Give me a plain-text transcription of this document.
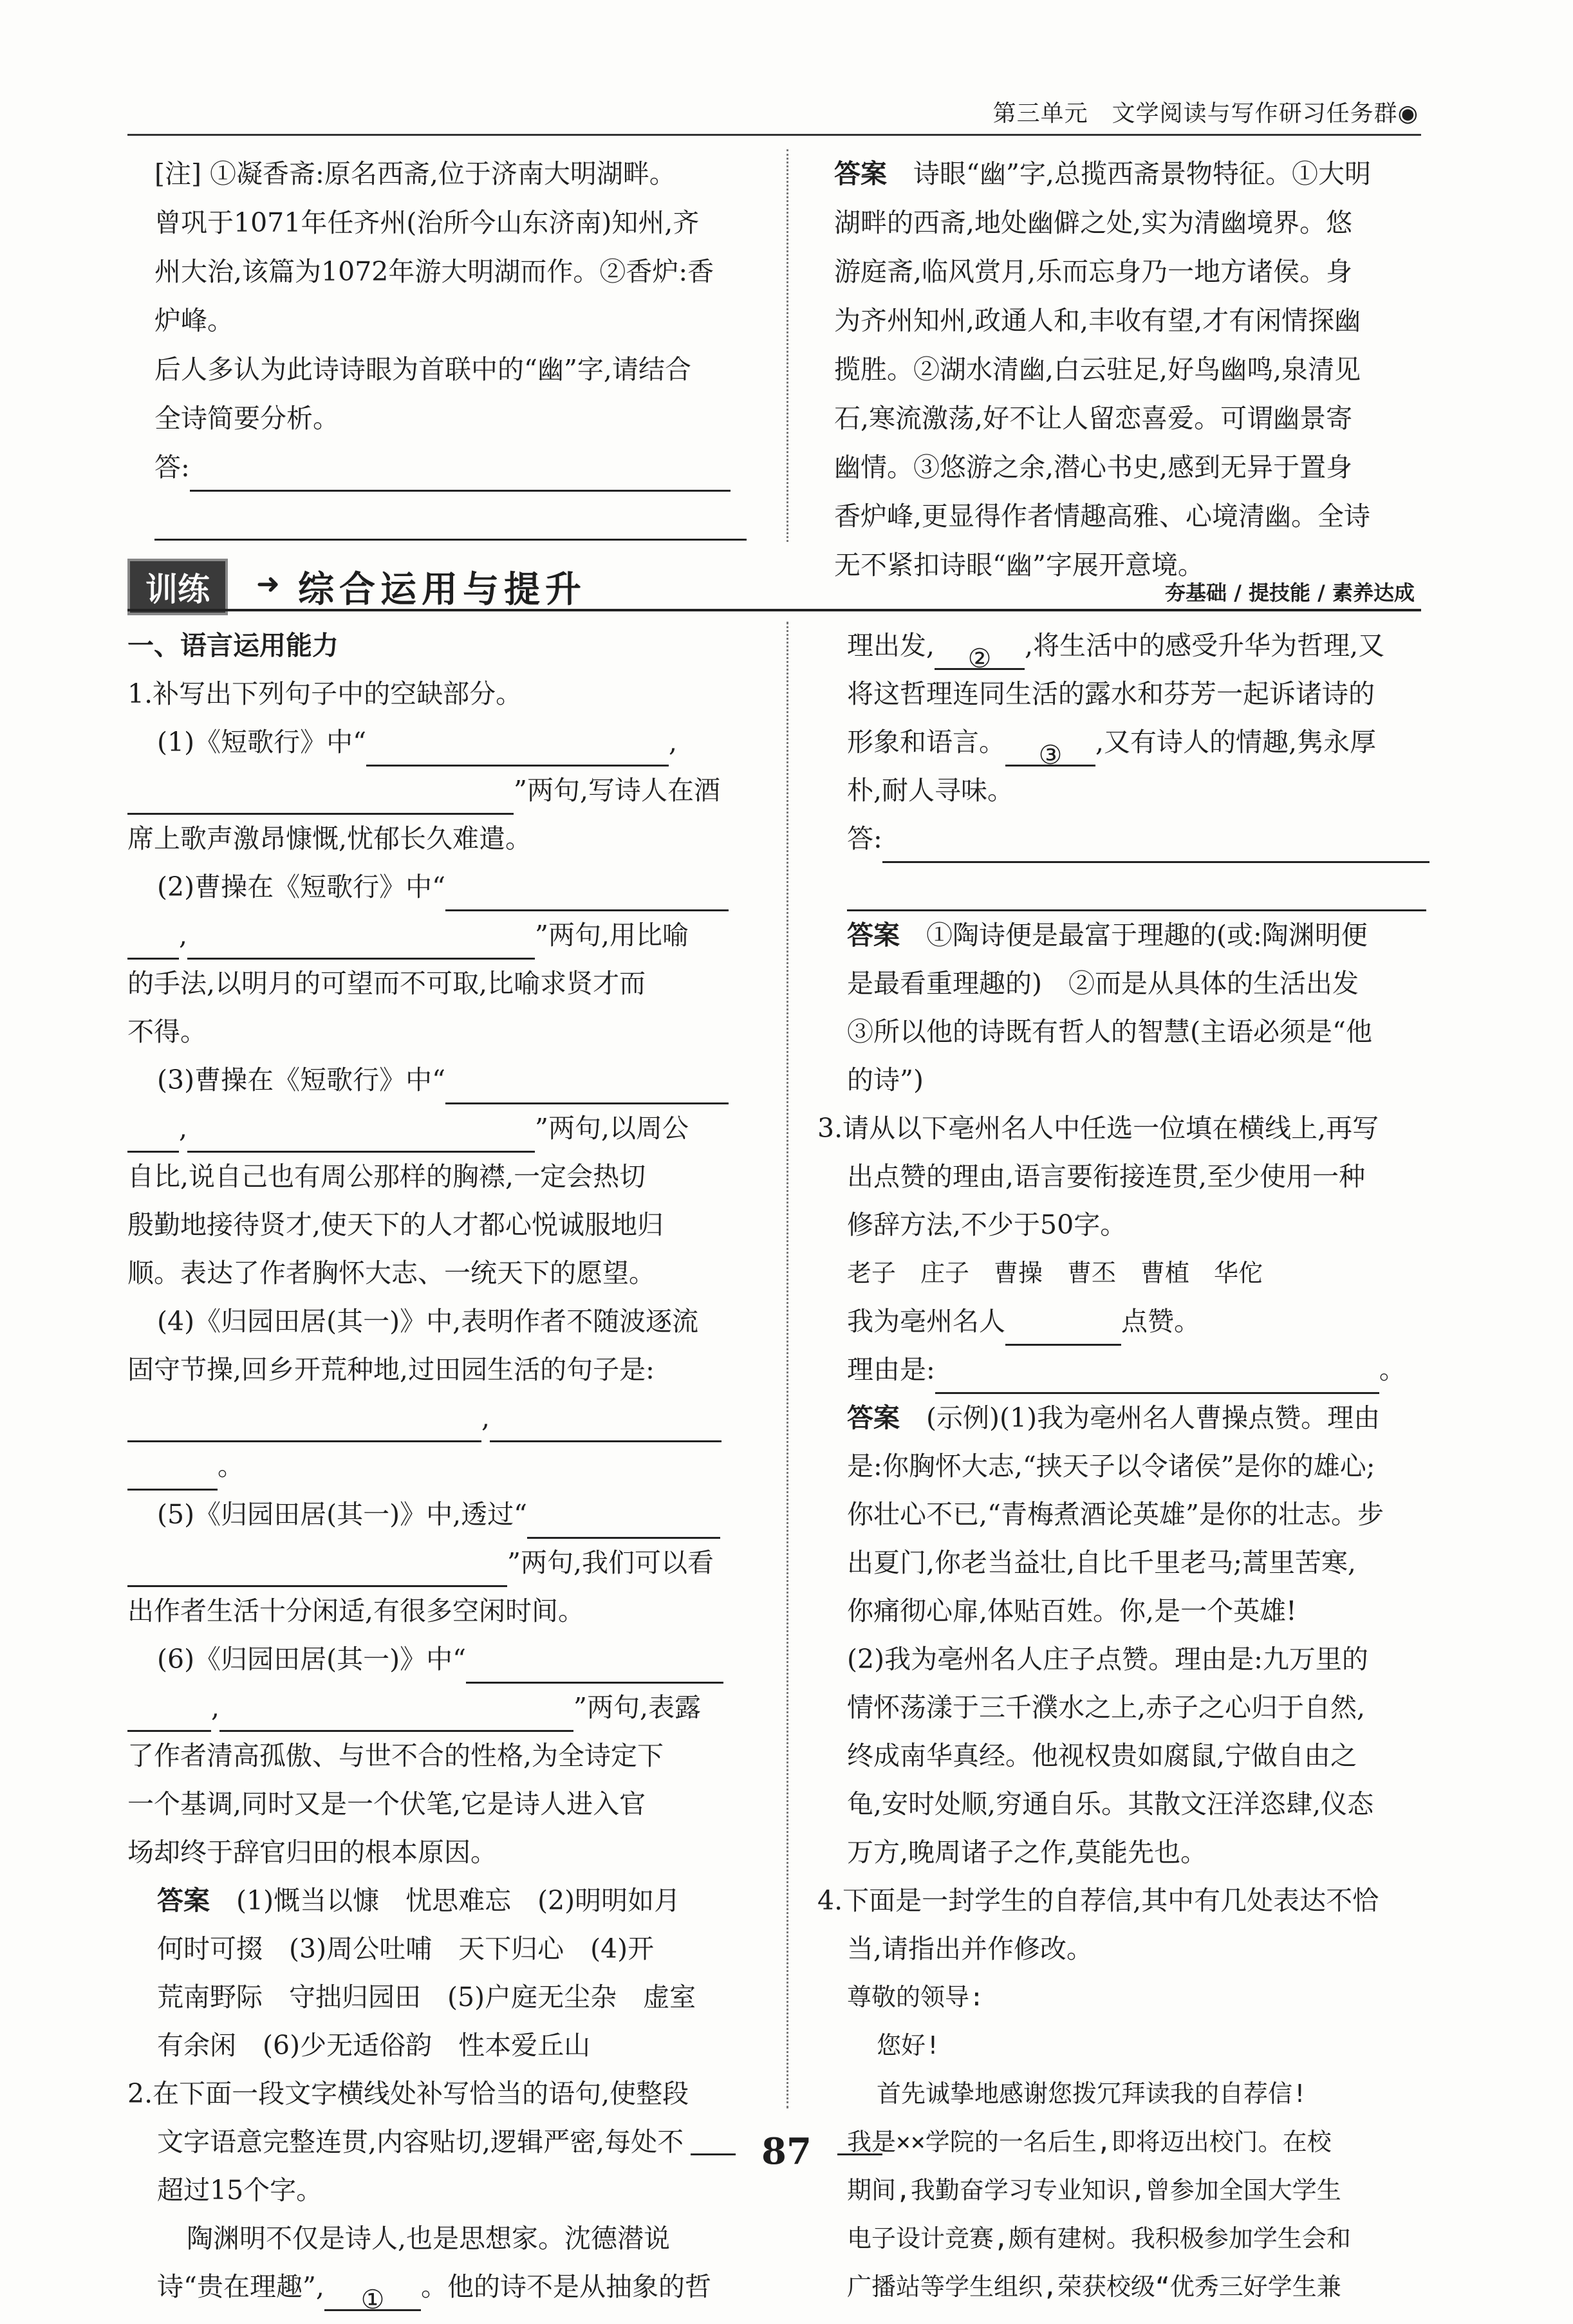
第三单元　文学阅读与写作研习任务群◉

[注] ①凝香斋:原名西斋,位于济南大明湖畔。

曾巩于1071年任齐州(治所今山东济南)知州,齐

州大治,该篇为1072年游大明湖而作。②香炉:香

炉峰。

后人多认为此诗诗眼为首联中的“幽”字,请结合

全诗简要分析。

答:

答案　诗眼“幽”字,总揽西斋景物特征。①大明

湖畔的西斋,地处幽僻之处,实为清幽境界。悠

游庭斋,临风赏月,乐而忘身乃一地方诸侯。身

为齐州知州,政通人和,丰收有望,才有闲情探幽

揽胜。②湖水清幽,白云驻足,好鸟幽鸣,泉清见

石,寒流激荡,好不让人留恋喜爱。可谓幽景寄

幽情。③悠游之余,潜心书史,感到无异于置身

香炉峰,更显得作者情趣高雅、心境清幽。全诗

无不紧扣诗眼“幽”字展开意境。

训练	➜ 综合运用与提升	夯基础 / 提技能 / 素养达成

一、语言运用能力

1.补写出下列句子中的空缺部分。

(1)《短歌行》中“	,

”两句,写诗人在酒

席上歌声激昂慷慨,忧郁长久难遣。

(2)曹操在《短歌行》中“

,	”两句,用比喻

的手法,以明月的可望而不可取,比喻求贤才而

不得。

(3)曹操在《短歌行》中“

,	”两句,以周公

自比,说自己也有周公那样的胸襟,一定会热切

殷勤地接待贤才,使天下的人才都心悦诚服地归

顺。表达了作者胸怀大志、一统天下的愿望。

(4)《归园田居(其一)》中,表明作者不随波逐流

固守节操,回乡开荒种地,过田园生活的句子是:

,

。

(5)《归园田居(其一)》中,透过“

”两句,我们可以看

出作者生活十分闲适,有很多空闲时间。

(6)《归园田居(其一)》中“

,	”两句,表露

了作者清高孤傲、与世不合的性格,为全诗定下

一个基调,同时又是一个伏笔,它是诗人进入官

场却终于辞官归田的根本原因。

答案　(1)慨当以慷　忧思难忘　(2)明明如月

何时可掇　(3)周公吐哺　天下归心　(4)开

荒南野际　守拙归园田　(5)户庭无尘杂　虚室

有余闲　(6)少无适俗韵　性本爱丘山

2.在下面一段文字横线处补写恰当的语句,使整段

文字语意完整连贯,内容贴切,逻辑严密,每处不

超过15个字。

陶渊明不仅是诗人,也是思想家。沈德潜说

诗“贵在理趣”, ① 。他的诗不是从抽象的哲

理出发, ② ,将生活中的感受升华为哲理,又

将这哲理连同生活的露水和芬芳一起诉诸诗的

形象和语言。 ③ ,又有诗人的情趣,隽永厚

朴,耐人寻味。

答:

答案　①陶诗便是最富于理趣的(或:陶渊明便

是最看重理趣的)　②而是从具体的生活出发

③所以他的诗既有哲人的智慧(主语必须是“他

的诗”)

3.请从以下亳州名人中任选一位填在横线上,再写

出点赞的理由,语言要衔接连贯,至少使用一种

修辞方法,不少于50字。

老子　庄子　曹操　曹丕　曹植　华佗

我为亳州名人	点赞。

理由是:	。

答案　(示例)(1)我为亳州名人曹操点赞。理由

是:你胸怀大志,“挟天子以令诸侯”是你的雄心;

你壮心不已,“青梅煮酒论英雄”是你的壮志。步

出夏门,你老当益壮,自比千里老马;蒿里苦寒,

你痛彻心扉,体贴百姓。你,是一个英雄!

(2)我为亳州名人庄子点赞。理由是:九万里的

情怀荡漾于三千濮水之上,赤子之心归于自然,

终成南华真经。他视权贵如腐鼠,宁做自由之

龟,安时处顺,穷通自乐。其散文汪洋恣肆,仪态

万方,晚周诸子之作,莫能先也。

4.下面是一封学生的自荐信,其中有几处表达不恰

当,请指出并作修改。

尊敬的领导:

您好!

首先诚挚地感谢您拨冗拜读我的自荐信!

我是××学院的一名后生,即将迈出校门。在校

期间,我勤奋学习专业知识,曾参加全国大学生

电子设计竞赛,颇有建树。我积极参加学生会和

广播站等学生组织,荣获校级“优秀三好学生兼

87
